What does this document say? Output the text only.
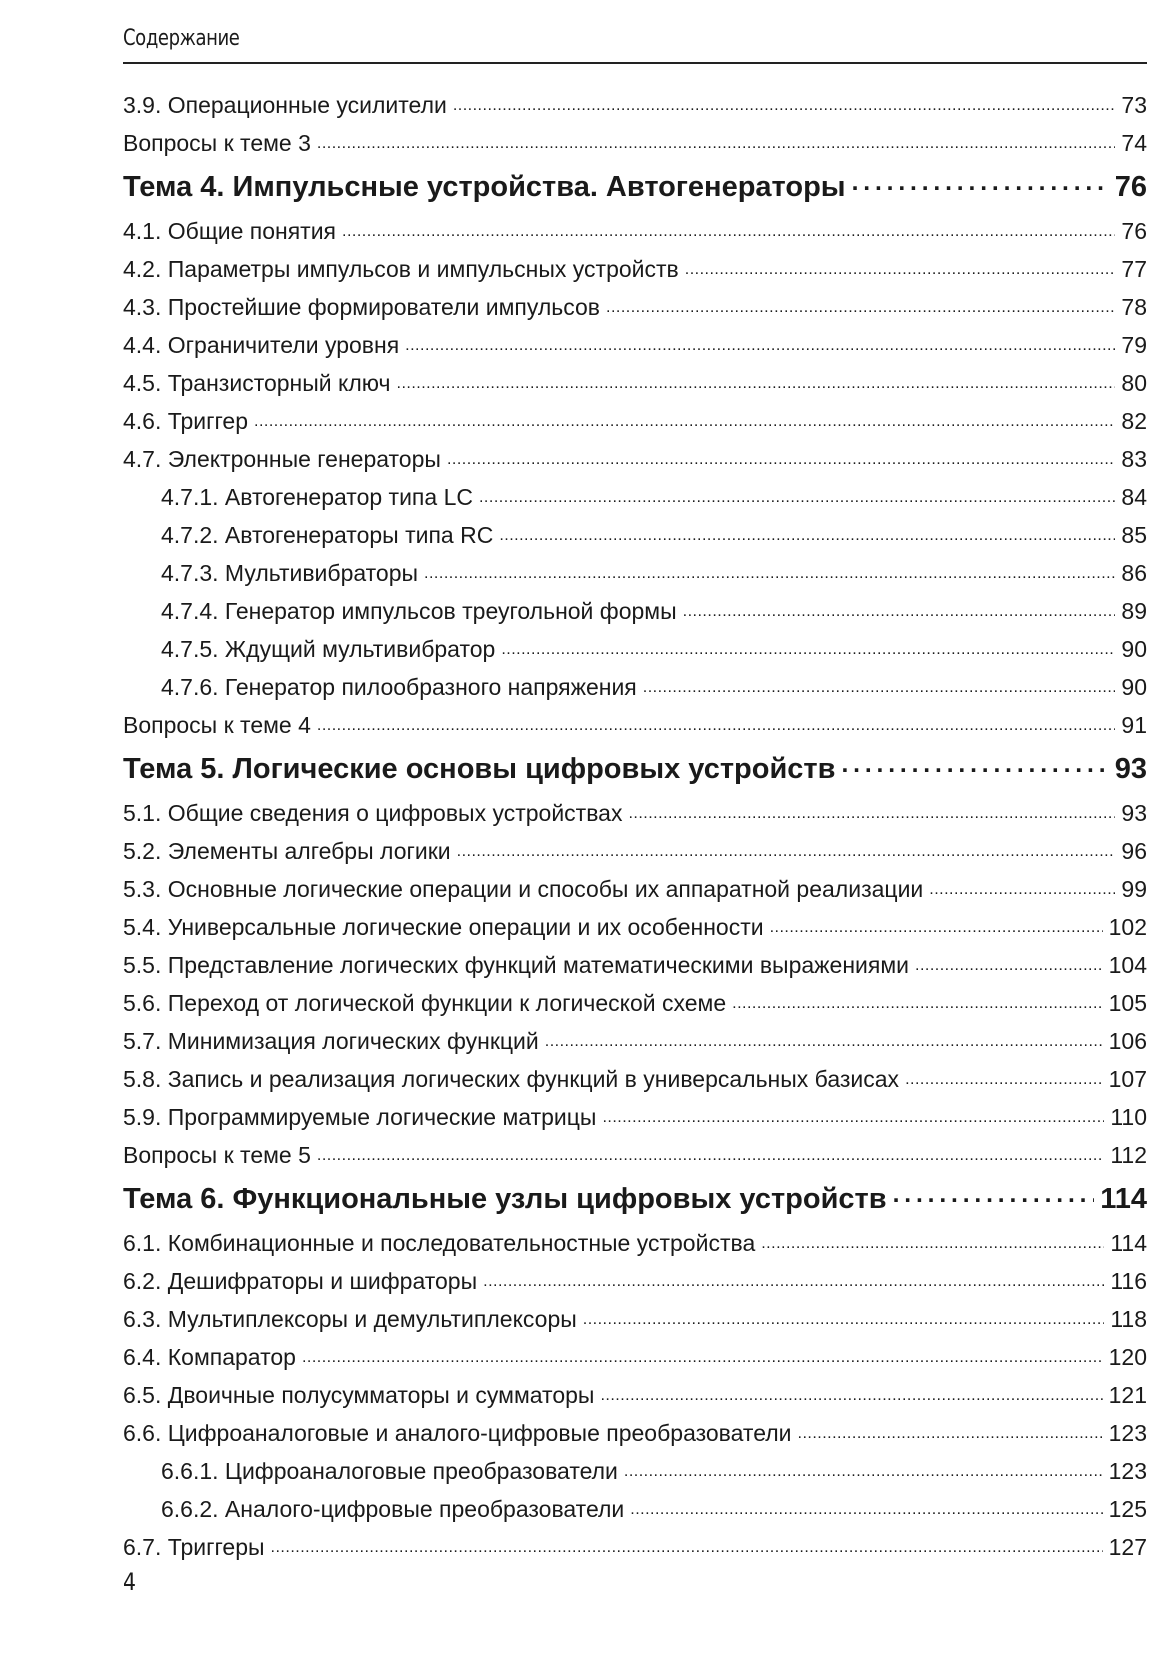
Содержание
3.9. Операционные усилители . . .	73
Вопросы к теме 3 . . .	74
Тема 4. Импульсные устройства. Автогенераторы . . .	76
4.1. Общие понятия . . .	76
4.2. Параметры импульсов и импульсных устройств . . .	77
4.3. Простейшие формирователи импульсов . . .	78
4.4. Ограничители уровня . . .	79
4.5. Транзисторный ключ . . .	80
4.6. Триггер . . .	82
4.7. Электронные генераторы . . .	83
4.7.1. Автогенератор типа LC . . .	84
4.7.2. Автогенераторы типа RC . . .	85
4.7.3. Мультивибраторы . . .	86
4.7.4. Генератор импульсов треугольной формы . . .	89
4.7.5. Ждущий мультивибратор . . .	90
4.7.6. Генератор пилообразного напряжения . . .	90
Вопросы к теме 4 . . .	91
Тема 5. Логические основы цифровых устройств . . .	93
5.1. Общие сведения о цифровых устройствах . . .	93
5.2. Элементы алгебры логики . . .	96
5.3. Основные логические операции и способы их аппаратной реализации . . .	99
5.4. Универсальные логические операции и их особенности . . .	102
5.5. Представление логических функций математическими выражениями . . .	104
5.6. Переход от логической функции к логической схеме . . .	105
5.7. Минимизация логических функций . . .	106
5.8. Запись и реализация логических функций в универсальных базисах . . .	107
5.9. Программируемые логические матрицы . . .	110
Вопросы к теме 5 . . .	112
Тема 6. Функциональные узлы цифровых устройств . . .	114
6.1. Комбинационные и последовательностные устройства . . .	114
6.2. Дешифраторы и шифраторы . . .	116
6.3. Мультиплексоры и демультиплексоры . . .	118
6.4. Компаратор . . .	120
6.5. Двоичные полусумматоры и сумматоры . . .	121
6.6. Цифроаналоговые и аналого-цифровые преобразователи . . .	123
6.6.1. Цифроаналоговые преобразователи . . .	123
6.6.2. Аналого-цифровые преобразователи . . .	125
6.7. Триггеры . . .	127
4
